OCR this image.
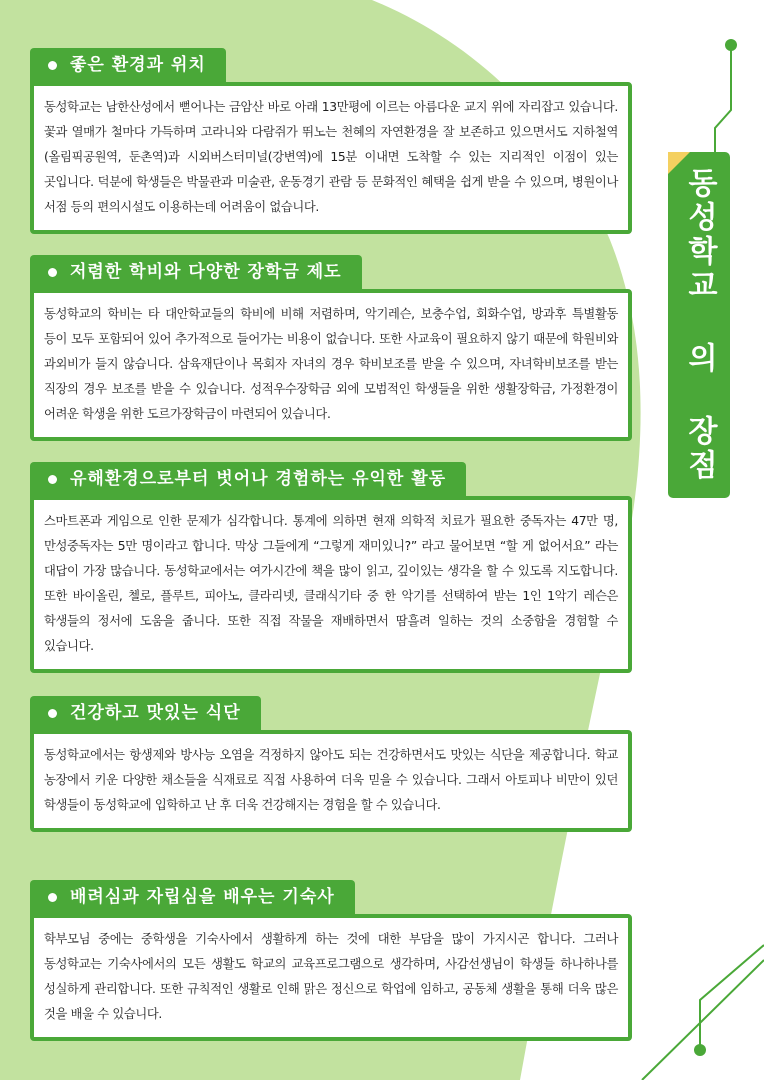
동성학교 의 장점
좋은 환경과 위치
동성학교는 남한산성에서 뻗어나는 금암산 바로 아래 13만평에 이르는 아름다운 교지 위에 자리잡고 있습니다. 꽃과 열매가 철마다 가득하며 고라니와 다람쥐가 뛰노는 천혜의 자연환경을 잘 보존하고 있으면서도 지하철역(올림픽공원역, 둔촌역)과 시외버스터미널(강변역)에 15분 이내면 도착할 수 있는 지리적인 이점이 있는 곳입니다. 덕분에 학생들은 박물관과 미술관, 운동경기 관람 등 문화적인 혜택을 쉽게 받을 수 있으며, 병원이나 서점 등의 편의시설도 이용하는데 어려움이 없습니다.
저렴한 학비와 다양한 장학금 제도
동성학교의 학비는 타 대안학교들의 학비에 비해 저렴하며, 악기레슨, 보충수업, 회화수업, 방과후 특별활동 등이 모두 포함되어 있어 추가적으로 들어가는 비용이 없습니다. 또한 사교육이 필요하지 않기 때문에 학원비와 과외비가 들지 않습니다. 삼육재단이나 목회자 자녀의 경우 학비보조를 받을 수 있으며, 자녀학비보조를 받는 직장의 경우 보조를 받을 수 있습니다. 성적우수장학금 외에 모범적인 학생들을 위한 생활장학금, 가정환경이 어려운 학생을 위한 도르가장학금이 마련되어 있습니다.
유해환경으로부터 벗어나 경험하는 유익한 활동
스마트폰과 게임으로 인한 문제가 심각합니다. 통계에 의하면 현재 의학적 치료가 필요한 중독자는 47만 명, 만성중독자는 5만 명이라고 합니다. 막상 그들에게 “그렇게 재미있니?” 라고 물어보면 “할 게 없어서요” 라는 대답이 가장 많습니다. 동성학교에서는 여가시간에 책을 많이 읽고, 깊이있는 생각을 할 수 있도록 지도합니다. 또한 바이올린, 첼로, 플루트, 피아노, 클라리넷, 클래식기타 중 한 악기를 선택하여 받는 1인 1악기 레슨은 학생들의 정서에 도움을 줍니다. 또한 직접 작물을 재배하면서 땀흘려 일하는 것의 소중함을 경험할 수 있습니다.
건강하고 맛있는 식단
동성학교에서는 항생제와 방사능 오염을 걱정하지 않아도 되는 건강하면서도 맛있는 식단을 제공합니다. 학교 농장에서 키운 다양한 채소들을 식재료로 직접 사용하여 더욱 믿을 수 있습니다. 그래서 아토피나 비만이 있던 학생들이 동성학교에 입학하고 난 후 더욱 건강해지는 경험을 할 수 있습니다.
배려심과 자립심을 배우는 기숙사
학부모님 중에는 중학생을 기숙사에서 생활하게 하는 것에 대한 부담을 많이 가지시곤 합니다. 그러나 동성학교는 기숙사에서의 모든 생활도 학교의 교육프로그램으로 생각하며, 사감선생님이 학생들 하나하나를 성실하게 관리합니다. 또한 규칙적인 생활로 인해 맑은 정신으로 학업에 임하고, 공동체 생활을 통해 더욱 많은 것을 배울 수 있습니다.
